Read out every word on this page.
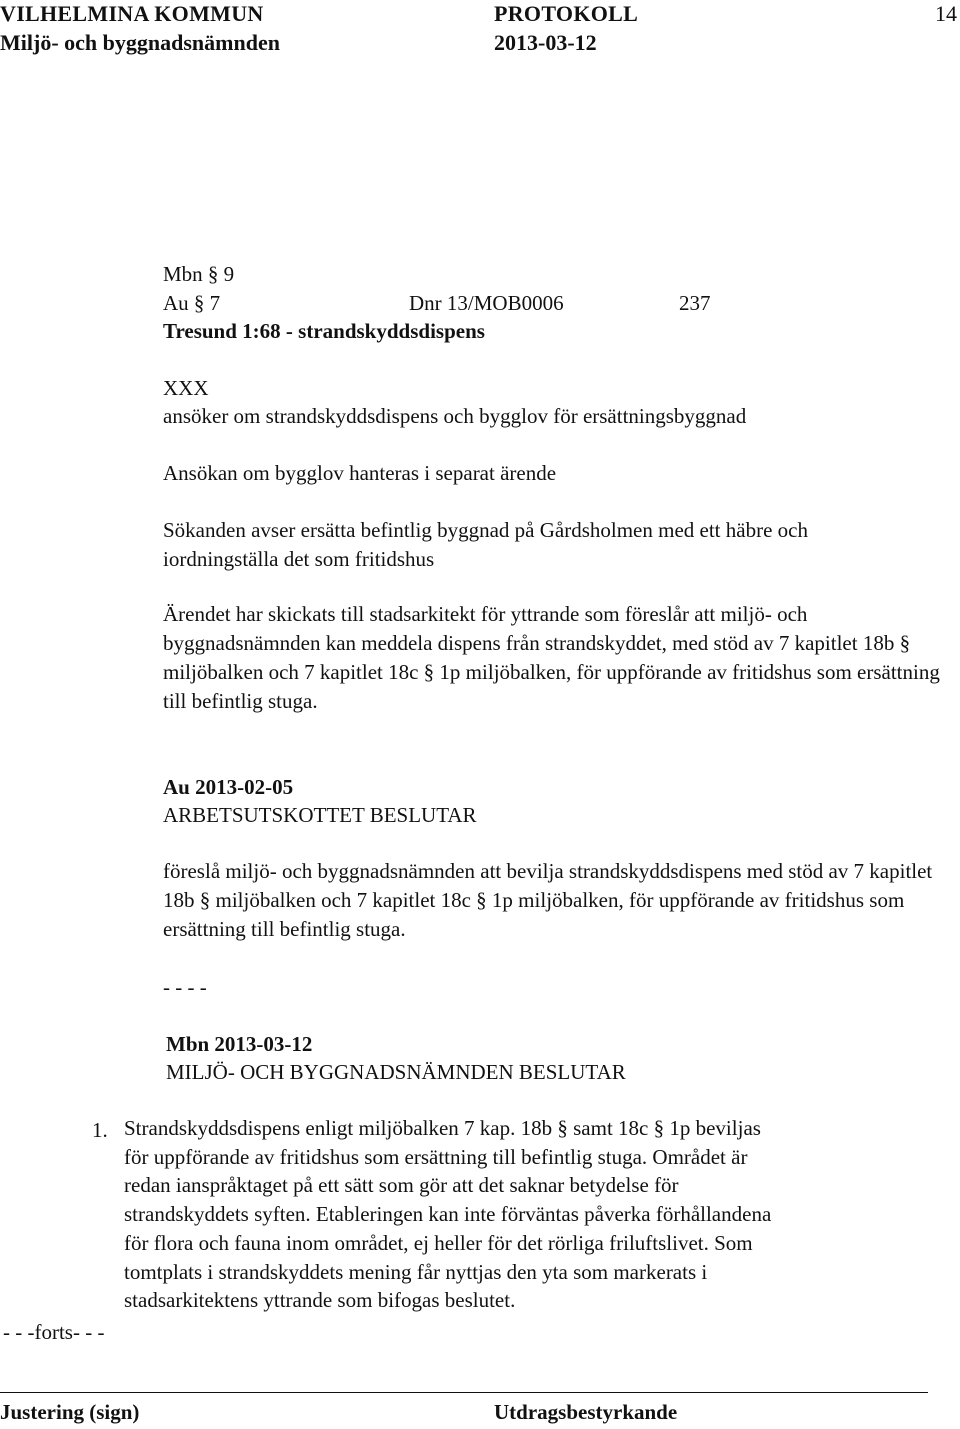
VILHELMINA KOMMUN	PROTOKOLL	14
Miljö- och byggnadsnämnden	2013-03-12
Mbn § 9
Au § 7	Dnr 13/MOB0006	237
Tresund 1:68 - strandskyddsdispens
XXX
ansöker om strandskyddsdispens och bygglov för ersättningsbyggnad
Ansökan om bygglov hanteras i separat ärende
Sökanden avser ersätta befintlig byggnad på Gårdsholmen med ett häbre och
iordningställa det som fritidshus
Ärendet har skickats till stadsarkitekt för yttrande som föreslår att miljö- och byggnadsnämnden kan meddela dispens från strandskyddet, med stöd av 7 kapitlet 18b § miljöbalken och 7 kapitlet 18c § 1p miljöbalken, för uppförande av fritidshus som ersättning till befintlig stuga.
Au 2013-02-05
ARBETSUTSKOTTET BESLUTAR
föreslå miljö- och byggnadsnämnden att bevilja strandskyddsdispens med stöd av 7 kapitlet 18b § miljöbalken och 7 kapitlet 18c § 1p miljöbalken, för uppförande av fritidshus som ersättning till befintlig stuga.
- - - -
Mbn 2013-03-12
MILJÖ- OCH BYGGNADSNÄMNDEN BESLUTAR
1. Strandskyddsdispens enligt miljöbalken 7 kap. 18b § samt 18c § 1p beviljas
för uppförande av fritidshus som ersättning till befintlig stuga. Området är
redan ianspråktaget på ett sätt som gör att det saknar betydelse för
strandskyddets syften. Etableringen kan inte förväntas påverka förhållandena
för flora och fauna inom området, ej heller för det rörliga friluftslivet. Som
tomtplats i strandskyddets mening får nyttjas den yta som markerats i
stadsarkitektens yttrande som bifogas beslutet.
- - -forts- - -
Justering (sign)	Utdragsbestyrkande
